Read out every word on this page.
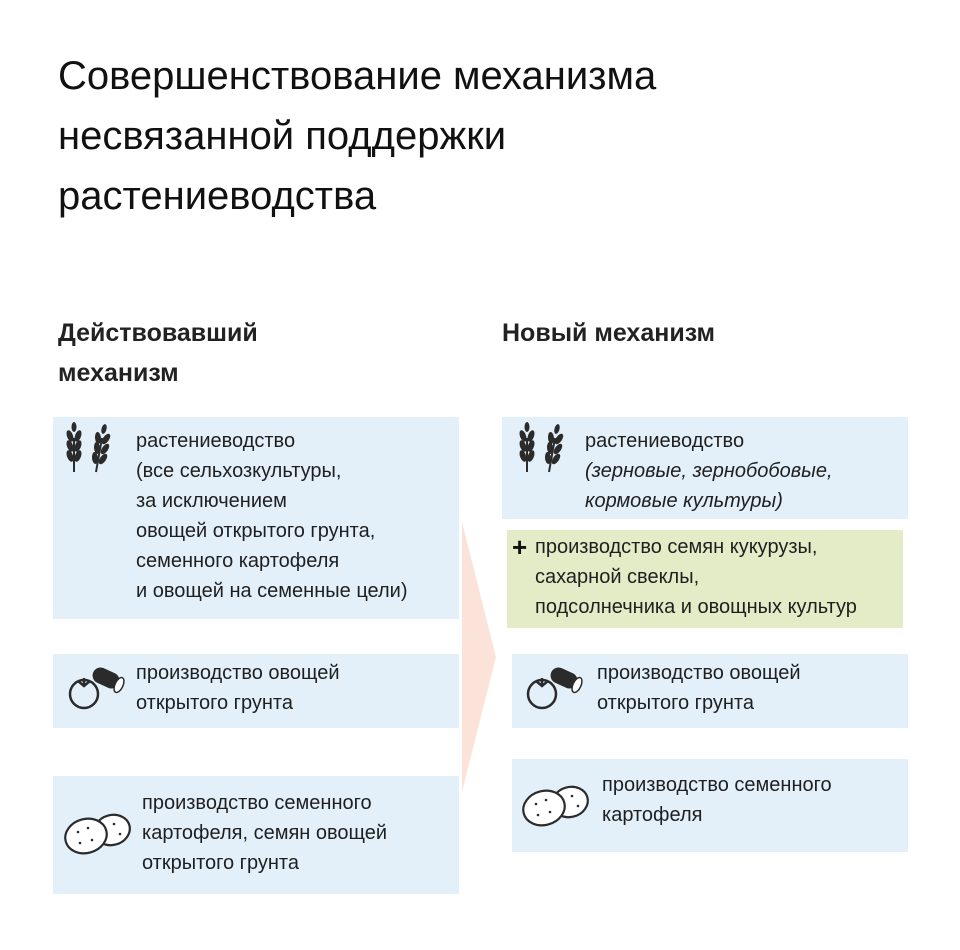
Совершенствование механизма
несвязанной поддержки
растениеводства
Действовавший
механизм
Новый механизм
растениеводство
(все сельхозкультуры,
за исключением
овощей открытого грунта,
семенного картофеля
и овощей на семенные цели)
производство овощей
открытого грунта
производство семенного
картофеля, семян овощей
открытого грунта
растениеводство
(зерновые, зернобобовые,
кормовые культуры)
+ производство семян кукурузы,
сахарной свеклы,
подсолнечника и овощных культур
производство овощей
открытого грунта
производство семенного
картофеля
